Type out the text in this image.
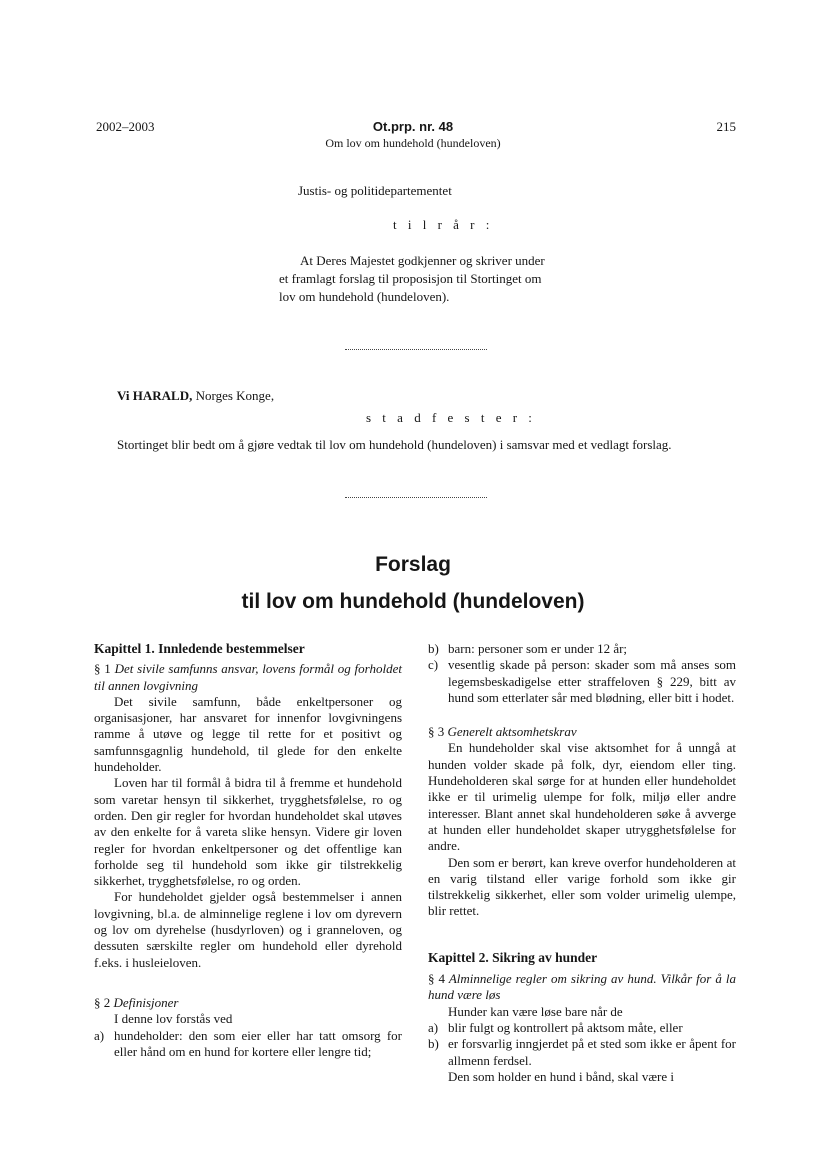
2002–2003	Ot.prp. nr. 48
Om lov om hundehold (hundeloven)
215
Justis- og politidepartementet
t i l r å r :
At Deres Majestet godkjenner og skriver under
et framlagt forslag til proposisjon til Stortinget om
lov om hundehold (hundeloven).
Vi HARALD, Norges Konge,
s t a d f e s t e r :
Stortinget blir bedt om å gjøre vedtak til lov om hundehold (hundeloven) i samsvar med et vedlagt forslag.
Forslag
til lov om hundehold (hundeloven)

Kapittel 1. Innledende bestemmelser

§ 1 Det sivile samfunns ansvar, lovens formål og forholdet til annen lovgivning

Det sivile samfunn, både enkeltpersoner og organisasjoner, har ansvaret for innenfor lovgivningens ramme å utøve og legge til rette for et positivt og samfunnsgagnlig hundehold, til glede for den enkelte hundeholder.

Loven har til formål å bidra til å fremme et hundehold som varetar hensyn til sikkerhet, trygghetsfølelse, ro og orden. Den gir regler for hvordan hundeholdet skal utøves av den enkelte for å vareta slike hensyn. Videre gir loven regler for hvordan enkeltpersoner og det offentlige kan forholde seg til hundehold som ikke gir tilstrekkelig sikkerhet, trygghetsfølelse, ro og orden.

For hundeholdet gjelder også bestemmelser i annen lovgivning, bl.a. de alminnelige reglene i lov om dyrevern og lov om dyrehelse (husdyrloven) og i granneloven, og dessuten særskilte regler om hundehold eller dyrehold f.eks. i husleieloven.

§ 2 Definisjoner

I denne lov forstås ved

a) hundeholder: den som eier eller har tatt omsorg for eller hånd om en hund for kortere eller lengre tid;
b) barn: personer som er under 12 år;
c) vesentlig skade på person: skader som må anses som legemsbeskadigelse etter straffeloven § 229, bitt av hund som etterlater sår med blødning, eller bitt i hodet.

§ 3 Generelt aktsomhetskrav

En hundeholder skal vise aktsomhet for å unngå at hunden volder skade på folk, dyr, eiendom eller ting. Hundeholderen skal sørge for at hunden eller hundeholdet ikke er til urimelig ulempe for folk, miljø eller andre interesser. Blant annet skal hundeholderen søke å avverge at hunden eller hundeholdet skaper utrygghetsfølelse for andre.

Den som er berørt, kan kreve overfor hundeholderen at en varig tilstand eller varige forhold som ikke gir tilstrekkelig sikkerhet, eller som volder urimelig ulempe, blir rettet.

Kapittel 2. Sikring av hunder

§ 4 Alminnelige regler om sikring av hund. Vilkår for å la hund være løs

Hunder kan være løse bare når de

a) blir fulgt og kontrollert på aktsom måte, eller
b) er forsvarlig inngjerdet på et sted som ikke er åpent for allmenn ferdsel.

Den som holder en hund i bånd, skal være i
